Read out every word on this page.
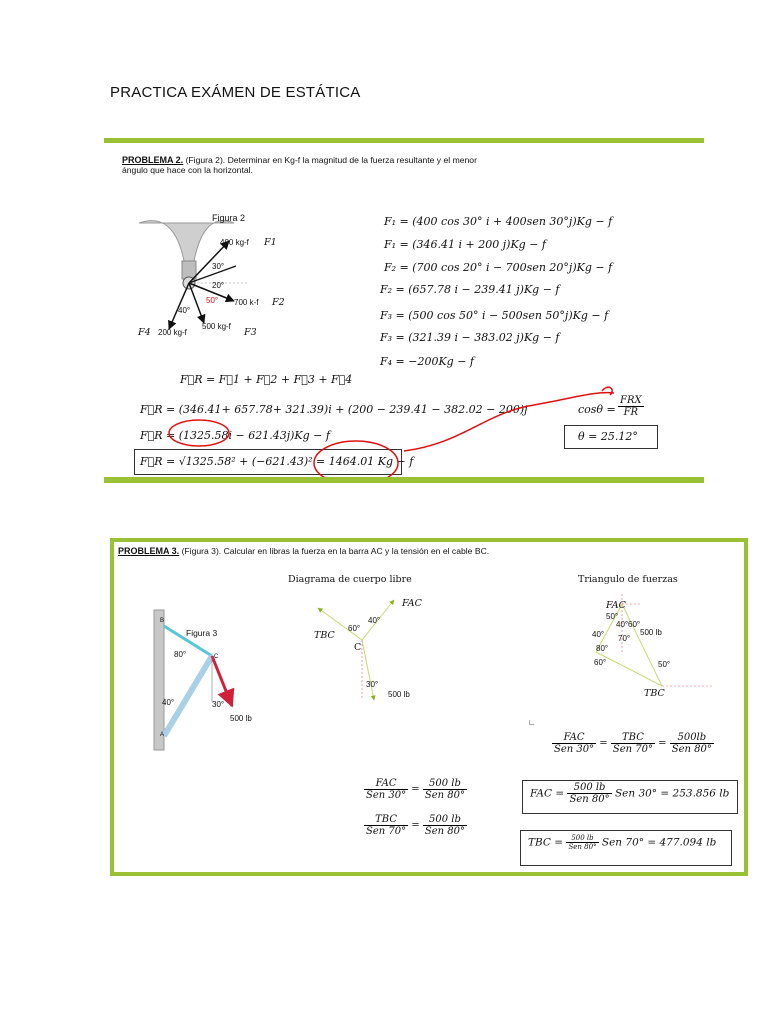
PRACTICA EXÁMEN DE ESTÁTICA
PROBLEMA 2. (Figura 2). Determinar en Kg-f la magnitud de la fuerza resultante y el menor
ángulo que hace con la horizontal.
Figura 2
400 kg-f F1
30°
20°
700 k-f F2
40°
50°
500 kg-f
F3
F4 200 kg-f
F₁ = (400 cos 30° i + 400sen 30°j)Kg − f
F₁ = (346.41 i + 200 j)Kg − f
F₂ = (700 cos 20° i − 700sen 20°j)Kg − f
F₂ = (657.78 i − 239.41 j)Kg − f
F₃ = (500 cos 50° i − 500sen 50°j)Kg − f
F₃ = (321.39 i − 383.02 j)Kg − f
F₄ = −200Kg − f
F⃗R = F⃗1 + F⃗2 + F⃗3 + F⃗4
F⃗R = (346.41+ 657.78+ 321.39)i + (200 − 239.41 − 382.02 − 200)j
F⃗R = (1325.58i − 621.43j)Kg − f
F⃗R = √1325.58² + (−621.43)² = 1464.01 Kg − f
$\cos\theta = \frac{\text{FRX}}{FR}$
θ = 25.12°
PROBLEMA 3. (Figura 3). Calcular en libras la fuerza en la barra AC y la tensión en el cable BC.
Figura 3
B
C
A
80°
40°	30°
500 lb
Diagrama de cuerpo libre
FAC
TBC
60°
40°
C
30°
500 lb
Triangulo de fuerzas
FAC
50°
40° 60°
70°
500 lb
40°
80°
60°	50°
TBC
∟
$\frac{\text{FAC}}{\text{Sen 30°}} = \frac{\text{TBC}}{\text{Sen 70°}} = \frac{500lb}{\text{Sen 80°}}$
$\frac{\text{FAC}}{\text{Sen 30°}} = \frac{500 lb}{\text{Sen 80°}}$
$\frac{\text{TBC}}{\text{Sen 70°}} = \frac{500 lb}{\text{Sen 80°}}$
FAC = $\frac{500 lb}{\text{Sen 80°}}$ Sen 30° = 253.856 lb
TBC = $\frac{500 lb}{\text{Sen 80°}}$ Sen 70° = 477.094 lb
